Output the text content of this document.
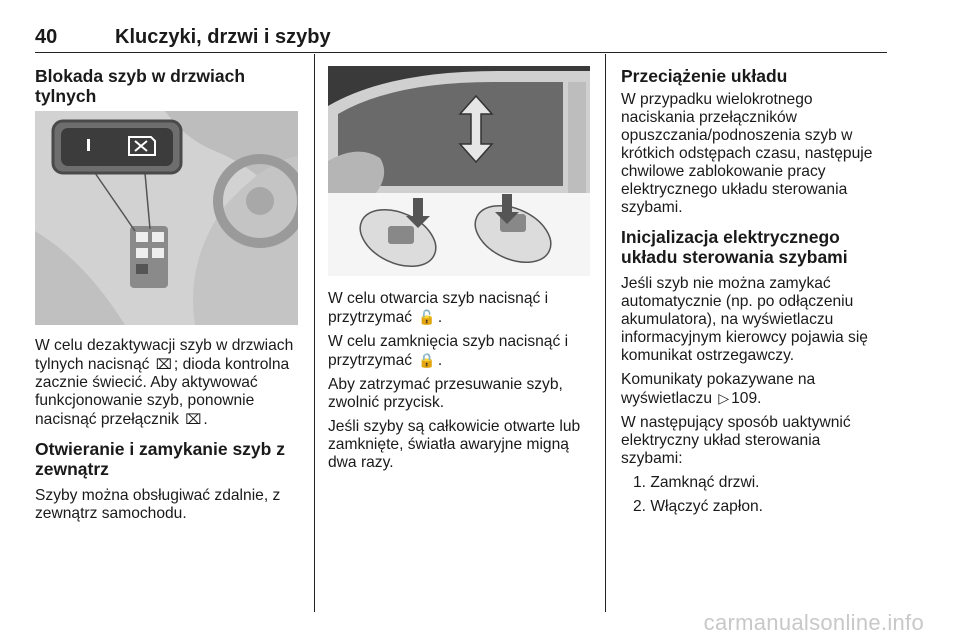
40	Kluczyki, drzwi i szyby
Blokada szyb w drzwiach tylnych

W celu dezaktywacji szyb w drzwiach
tylnych nacisnąć ⌧ ; dioda kontrolna
zacznie świecić. Aby aktywować
funkcjonowanie szyb, ponownie
nacisnąć przełącznik ⌧ .

Otwieranie i zamykanie szyb z zewnątrz

Szyby można obsługiwać zdalnie, z
zewnątrz samochodu.

W celu otwarcia szyb nacisnąć i
przytrzymać 🔓 .

W celu zamknięcia szyb nacisnąć i
przytrzymać 🔒 .

Aby zatrzymać przesuwanie szyb,
zwolnić przycisk.

Jeśli szyby są całkowicie otwarte lub
zamknięte, światła awaryjne migną
dwa razy.

Przeciążenie układu

W przypadku wielokrotnego
naciskania przełączników
opuszczania/podnoszenia szyb w
krótkich odstępach czasu, następuje
chwilowe zablokowanie pracy
elektrycznego układu sterowania
szybami.

Inicjalizacja elektrycznego układu sterowania szybami

Jeśli szyb nie można zamykać
automatycznie (np. po odłączeniu
akumulatora), na wyświetlaczu
informacyjnym kierowcy pojawia się
komunikat ostrzegawczy.

Komunikaty pokazywane na
wyświetlaczu ▷ 109.

W następujący sposób uaktywnić
elektryczny układ sterowania
szybami:

1. Zamknąć drzwi.
2. Włączyć zapłon.
carmanualsonline.info
